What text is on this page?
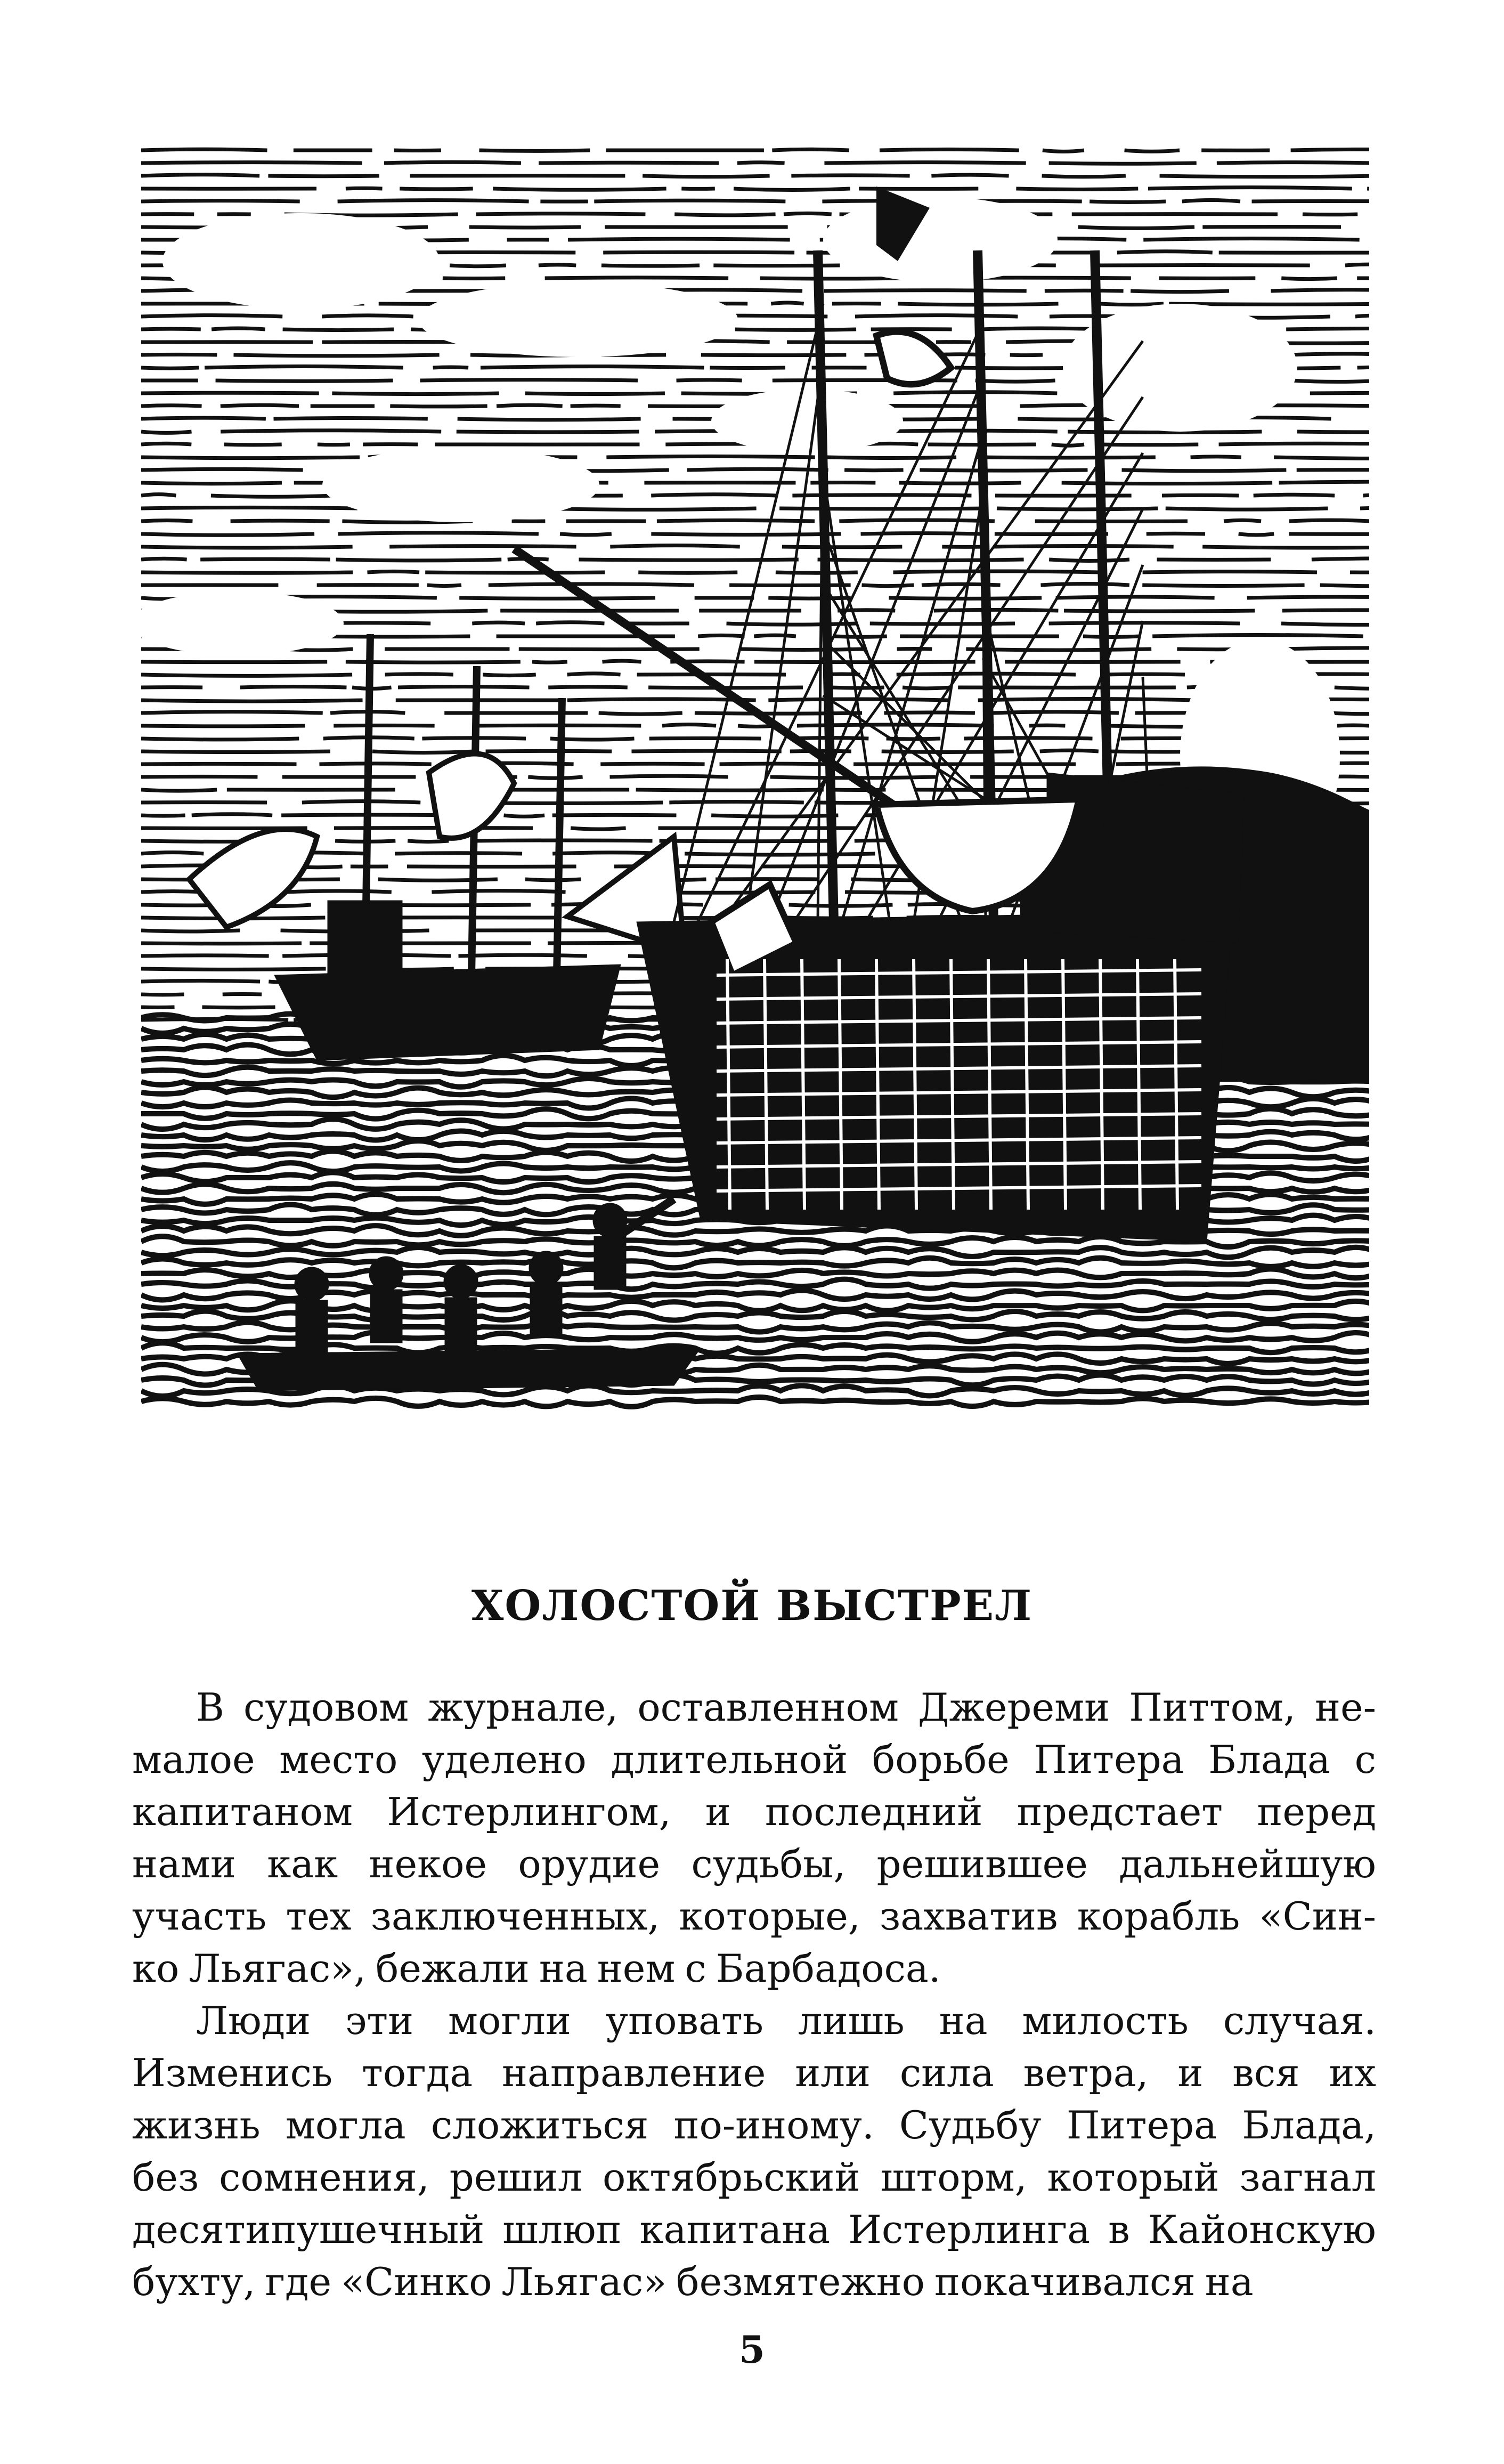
ХОЛОСТОЙ ВЫСТРЕЛ
В судовом журнале, оставленном Джереми Питтом, не-
малое место уделено длительной борьбе Питера Блада с
капитаном Истерлингом, и последний предстает перед
нами как некое орудие судьбы, решившее дальнейшую
участь тех заключенных, которые, захватив корабль «Син-
ко Льягас», бежали на нем с Барбадоса.
Люди эти могли уповать лишь на милость случая.
Изменись тогда направление или сила ветра, и вся их
жизнь могла сложиться по-иному. Судьбу Питера Блада,
без сомнения, решил октябрьский шторм, который загнал
десятипушечный шлюп капитана Истерлинга в Кайонскую
бухту, где «Синко Льягас» безмятежно покачивался на
5
